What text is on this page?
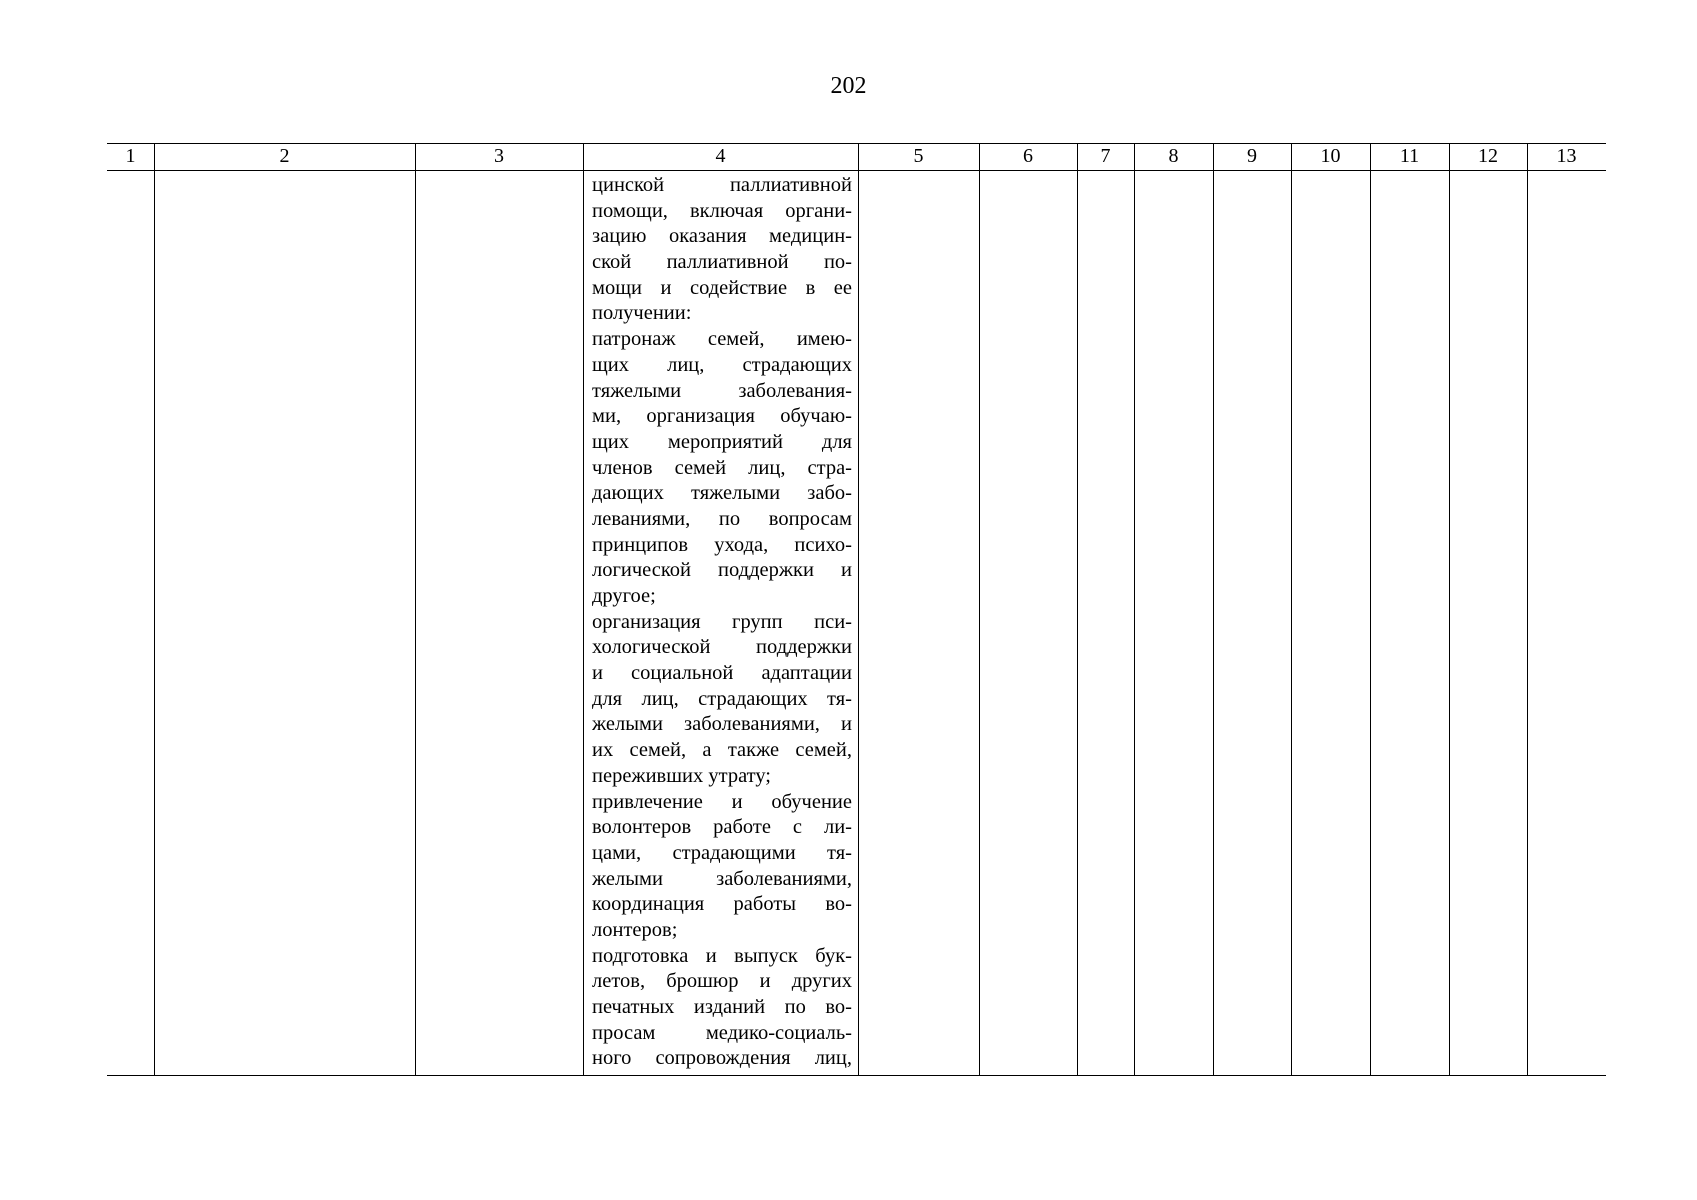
202
1	2	3	4	5	6	7	8	9	10	11	12	13
цинской паллиативной
помощи, включая органи-
зацию оказания медицин-
ской паллиативной по-
мощи и содействие в ее
получении:
патронаж семей, имею-
щих лиц, страдающих
тяжелыми заболевания-
ми, организация обучаю-
щих мероприятий для
членов семей лиц, стра-
дающих тяжелыми забо-
леваниями, по вопросам
принципов ухода, психо-
логической поддержки и
другое;
организация групп пси-
хологической поддержки
и социальной адаптации
для лиц, страдающих тя-
желыми заболеваниями, и
их семей, а также семей,
переживших утрату;
привлечение и обучение
волонтеров работе с ли-
цами, страдающими тя-
желыми заболеваниями,
координация работы во-
лонтеров;
подготовка и выпуск бук-
летов, брошюр и других
печатных изданий по во-
просам медико-социаль-
ного сопровождения лиц,
